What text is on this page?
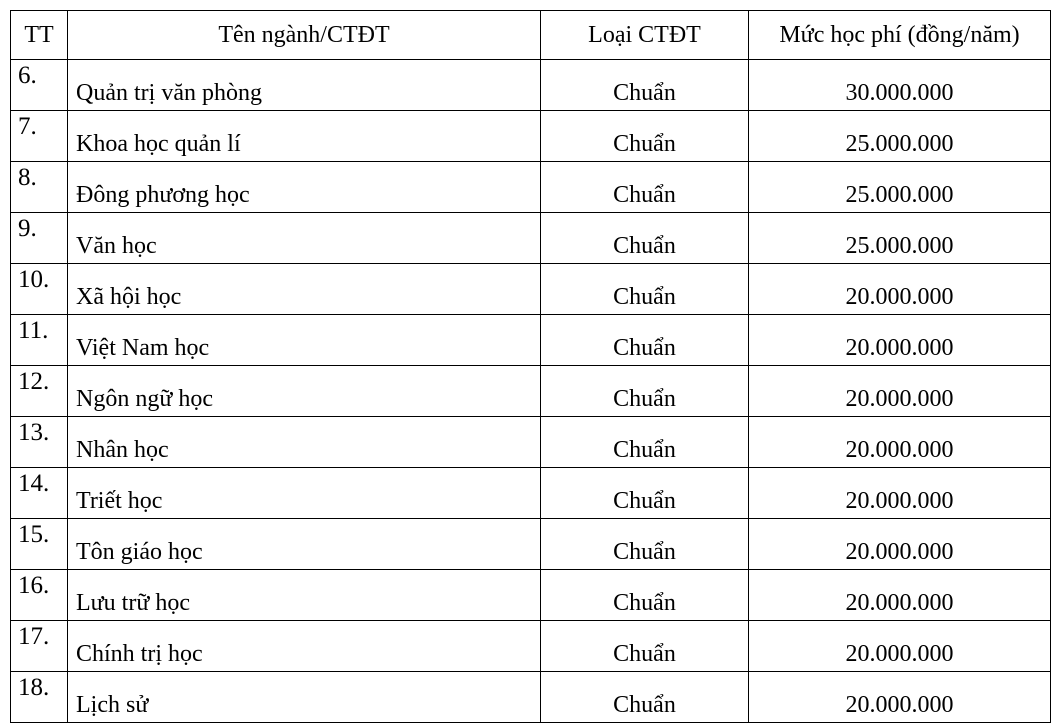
TT	Tên ngành/CTĐT	Loại CTĐT	Mức học phí (đồng/năm)
6.	Quản trị văn phòng	Chuẩn	30.000.000
7.	Khoa học quản lí	Chuẩn	25.000.000
8.	Đông phương học	Chuẩn	25.000.000
9.	Văn học	Chuẩn	25.000.000
10.	Xã hội học	Chuẩn	20.000.000
11.	Việt Nam học	Chuẩn	20.000.000
12.	Ngôn ngữ học	Chuẩn	20.000.000
13.	Nhân học	Chuẩn	20.000.000
14.	Triết học	Chuẩn	20.000.000
15.	Tôn giáo học	Chuẩn	20.000.000
16.	Lưu trữ học	Chuẩn	20.000.000
17.	Chính trị học	Chuẩn	20.000.000
18.	Lịch sử	Chuẩn	20.000.000
